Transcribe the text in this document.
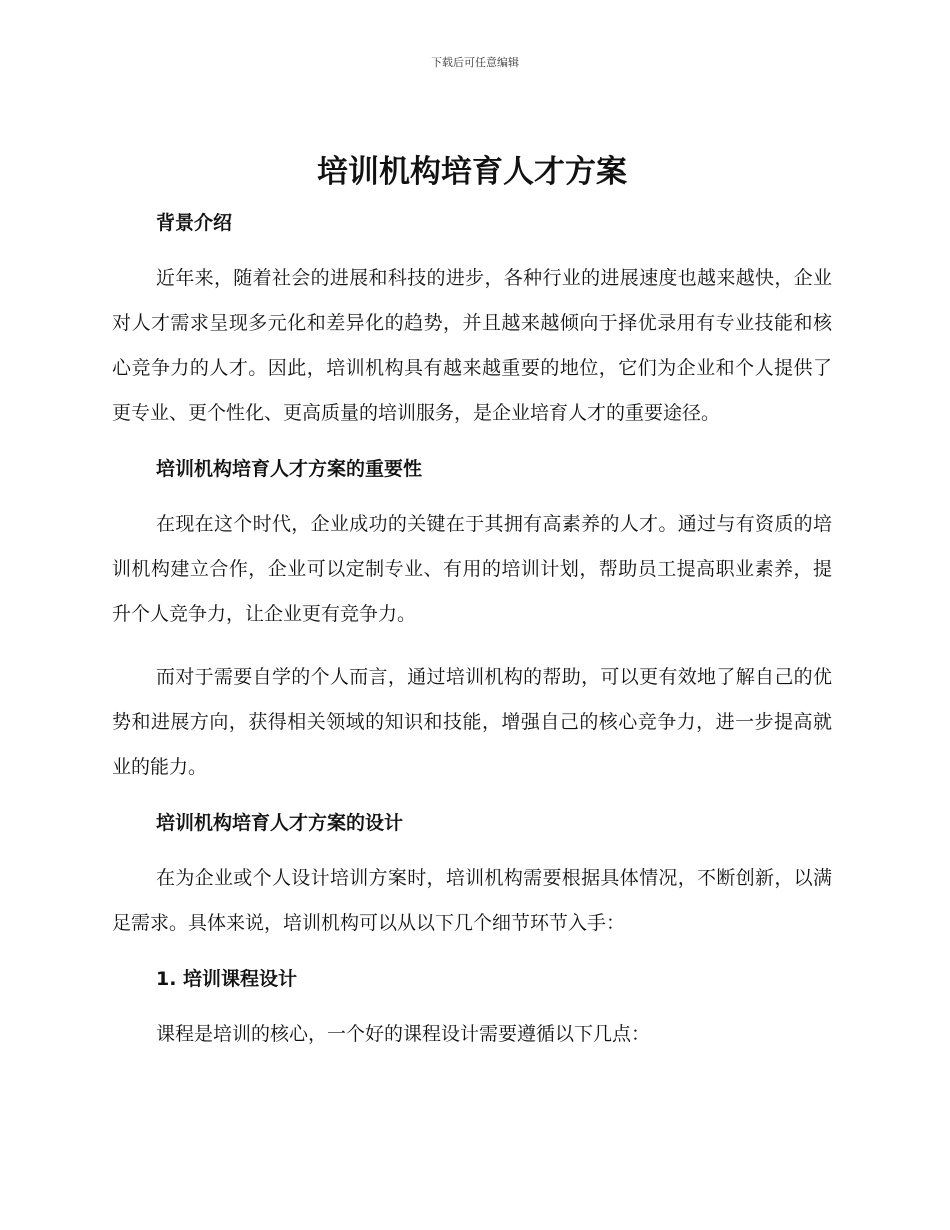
下载后可任意编辑
培训机构培育人才方案

背景介绍

近年来，随着社会的进展和科技的进步，各种行业的进展速度也越来越快，企业对人才需求呈现多元化和差异化的趋势，并且越来越倾向于择优录用有专业技能和核心竞争力的人才。因此，培训机构具有越来越重要的地位，它们为企业和个人提供了更专业、更个性化、更高质量的培训服务，是企业培育人才的重要途径。

培训机构培育人才方案的重要性

在现在这个时代，企业成功的关键在于其拥有高素养的人才。通过与有资质的培训机构建立合作，企业可以定制专业、有用的培训计划，帮助员工提高职业素养，提升个人竞争力，让企业更有竞争力。

而对于需要自学的个人而言，通过培训机构的帮助，可以更有效地了解自己的优势和进展方向，获得相关领域的知识和技能，增强自己的核心竞争力，进一步提高就业的能力。

培训机构培育人才方案的设计

在为企业或个人设计培训方案时，培训机构需要根据具体情况，不断创新，以满足需求。具体来说，培训机构可以从以下几个细节环节入手：

1. 培训课程设计

课程是培训的核心，一个好的课程设计需要遵循以下几点：
